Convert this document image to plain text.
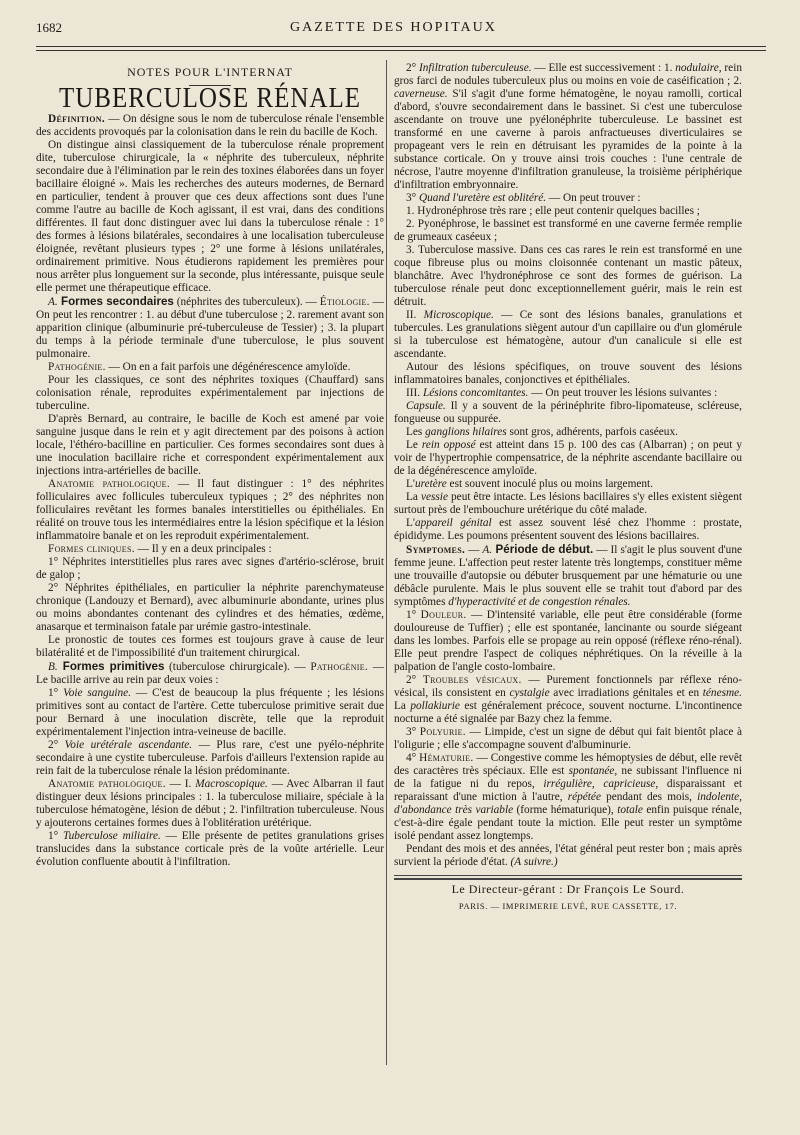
1682	GAZETTE DES HOPITAUX
NOTES POUR L'INTERNAT
TUBERCULOSE RÉNALE

Définition. — On désigne sous le nom de tuberculose rénale l'ensemble des accidents provoqués par la colonisation dans le rein du bacille de Koch.

On distingue ainsi classiquement de la tuberculose rénale proprement dite, tuberculose chirurgicale, la « néphrite des tuberculeux, néphrite secondaire due à l'élimination par le rein des toxines élaborées dans un foyer bacillaire éloigné ». Mais les recherches des auteurs modernes, de Bernard en particulier, tendent à prouver que ces deux affections sont dues l'une comme l'autre au bacille de Koch agissant, il est vrai, dans des conditions différentes. Il faut donc distinguer avec lui dans la tuberculose rénale : 1° des formes à lésions bilatérales, secondaires à une localisation tuberculeuse éloignée, revêtant plusieurs types ; 2° une forme à lésions unilatérales, ordinairement primitive. Nous étudierons rapidement les premières pour nous arrêter plus longuement sur la seconde, plus intéressante, puisque seule elle permet une thérapeutique efficace.

A. Formes secondaires (néphrites des tuberculeux). — Étiologie. — On peut les rencontrer : 1. au début d'une tuberculose ; 2. rarement avant son apparition clinique (albuminurie pré-tuberculeuse de Tessier) ; 3. la plupart du temps à la période terminale d'une tuberculose, le plus souvent pulmonaire.

Pathogénie. — On en a fait parfois une dégénérescence amyloïde.

Pour les classiques, ce sont des néphrites toxiques (Chauffard) sans colonisation rénale, reproduites expérimentalement par injections de tuberculine.

D'après Bernard, au contraire, le bacille de Koch est amené par voie sanguine jusque dans le rein et y agit directement par des poisons à action locale, l'éthéro-bacilline en particulier. Ces formes secondaires sont dues à une inoculation bacillaire riche et correspondent expérimentalement aux injections intra-artérielles de bacille.

Anatomie pathologique. — Il faut distinguer : 1° des néphrites folliculaires avec follicules tuberculeux typiques ; 2° des néphrites non folliculaires revêtant les formes banales interstitielles ou épithéliales. En réalité on trouve tous les intermédiaires entre la lésion spécifique et la lésion inflammatoire banale et on les reproduit expérimentalement.

Formes cliniques. — Il y en a deux principales :

1° Néphrites interstitielles plus rares avec signes d'artério-sclérose, bruit de galop ;

2° Néphrites épithéliales, en particulier la néphrite parenchymateuse chronique (Landouzy et Bernard), avec albuminurie abondante, urines plus ou moins abondantes contenant des cylindres et des hématies, œdème, anasarque et terminaison fatale par urémie gastro-intestinale.

Le pronostic de toutes ces formes est toujours grave à cause de leur bilatéralité et de l'impossibilité d'un traitement chirurgical.

B. Formes primitives (tuberculose chirurgicale). — Pathogénie. — Le bacille arrive au rein par deux voies :

1° Voie sanguine. — C'est de beaucoup la plus fréquente ; les lésions primitives sont au contact de l'artère. Cette tuberculose primitive serait due pour Bernard à une inoculation discrète, telle que la reproduit expérimentalement l'injection intra-veineuse de bacille.

2° Voie urétérale ascendante. — Plus rare, c'est une pyélo-néphrite secondaire à une cystite tuberculeuse. Parfois d'ailleurs l'extension rapide au rein fait de la tuberculose rénale la lésion prédominante.

Anatomie pathologique. — I. Macroscopique. — Avec Albarran il faut distinguer deux lésions principales : 1. la tuberculose miliaire, spéciale à la tuberculose hématogène, lésion de début ; 2. l'infiltration tuberculeuse. Nous y ajouterons certaines formes dues à l'oblitération urétérique.

1° Tuberculose miliaire. — Elle présente de petites granulations grises translucides dans la substance corticale près de la voûte artérielle. Leur évolution confluente aboutit à l'infiltration.

2° Infiltration tuberculeuse. — Elle est successivement : 1. nodulaire, rein gros farci de nodules tuberculeux plus ou moins en voie de caséification ; 2. caverneuse. S'il s'agit d'une forme hématogène, le noyau ramolli, cortical d'abord, s'ouvre secondairement dans le bassinet. Si c'est une tuberculose ascendante on trouve une pyélonéphrite tuberculeuse. Le bassinet est transformé en une caverne à parois anfractueuses diverticulaires se propageant vers le rein en détruisant les pyramides de la pointe à la substance corticale. On y trouve ainsi trois couches : l'une centrale de nécrose, l'autre moyenne d'infiltration granuleuse, la troisième périphérique d'infiltration embryonnaire.

3° Quand l'uretère est oblitéré. — On peut trouver :

1. Hydronéphrose très rare ; elle peut contenir quelques bacilles ;

2. Pyonéphrose, le bassinet est transformé en une caverne fermée remplie de grumeaux caséeux ;

3. Tuberculose massive. Dans ces cas rares le rein est transformé en une coque fibreuse plus ou moins cloisonnée contenant un mastic pâteux, blanchâtre. Avec l'hydronéphrose ce sont des formes de guérison. La tuberculose rénale peut donc exceptionnellement guérir, mais le rein est détruit.

II. Microscopique. — Ce sont des lésions banales, granulations et tubercules. Les granulations siègent autour d'un capillaire ou d'un glomérule si la tuberculose est hématogène, autour d'un canalicule si elle est ascendante.

Autour des lésions spécifiques, on trouve souvent des lésions inflammatoires banales, conjonctives et épithéliales.

III. Lésions concomitantes. — On peut trouver les lésions suivantes :

Capsule. Il y a souvent de la périnéphrite fibro-lipomateuse, scléreuse, fongueuse ou suppurée.

Les ganglions hilaires sont gros, adhérents, parfois caséeux.

Le rein opposé est atteint dans 15 p. 100 des cas (Albarran) ; on peut y voir de l'hypertrophie compensatrice, de la néphrite ascendante bacillaire ou de la dégénérescence amyloïde.

L'uretère est souvent inoculé plus ou moins largement.

La vessie peut être intacte. Les lésions bacillaires s'y elles existent siègent surtout près de l'embouchure urétérique du côté malade.

L'appareil génital est assez souvent lésé chez l'homme : prostate, épididyme. Les poumons présentent souvent des lésions bacillaires.

Symptomes. — A. Période de début. — Il s'agit le plus souvent d'une femme jeune. L'affection peut rester latente très longtemps, constituer même une trouvaille d'autopsie ou débuter brusquement par une hématurie ou une débâcle purulente. Mais le plus souvent elle se trahit tout d'abord par des symptômes d'hyperactivité et de congestion rénales.

1° Douleur. — D'intensité variable, elle peut être considérable (forme douloureuse de Tuffier) ; elle est spontanée, lancinante ou sourde siégeant dans les lombes. Parfois elle se propage au rein opposé (réflexe réno-rénal). Elle peut prendre l'aspect de coliques néphrétiques. On la réveille à la palpation de l'angle costo-lombaire.

2° Troubles vésicaux. — Purement fonctionnels par réflexe réno-vésical, ils consistent en cystalgie avec irradiations génitales et en ténesme. La pollakiurie est généralement précoce, souvent nocturne. L'incontinence nocturne a été signalée par Bazy chez la femme.

3° Polyurie. — Limpide, c'est un signe de début qui fait bientôt place à l'oligurie ; elle s'accompagne souvent d'albuminurie.

4° Hématurie. — Congestive comme les hémoptysies de début, elle revêt des caractères très spéciaux. Elle est spontanée, ne subissant l'influence ni de la fatigue ni du repos, irrégulière, capricieuse, disparaissant et reparaissant d'une miction à l'autre, répétée pendant des mois, indolente, d'abondance très variable (forme hématurique), totale enfin puisque rénale, c'est-à-dire égale pendant toute la miction. Elle peut rester un symptôme isolé pendant assez longtemps.

Pendant des mois et des années, l'état général peut rester bon ; mais après survient la période d'état. (A suivre.)

Le Directeur-gérant : Dr François Le Sourd.
PARIS. — IMPRIMERIE LEVÉ, RUE CASSETTE, 17.
